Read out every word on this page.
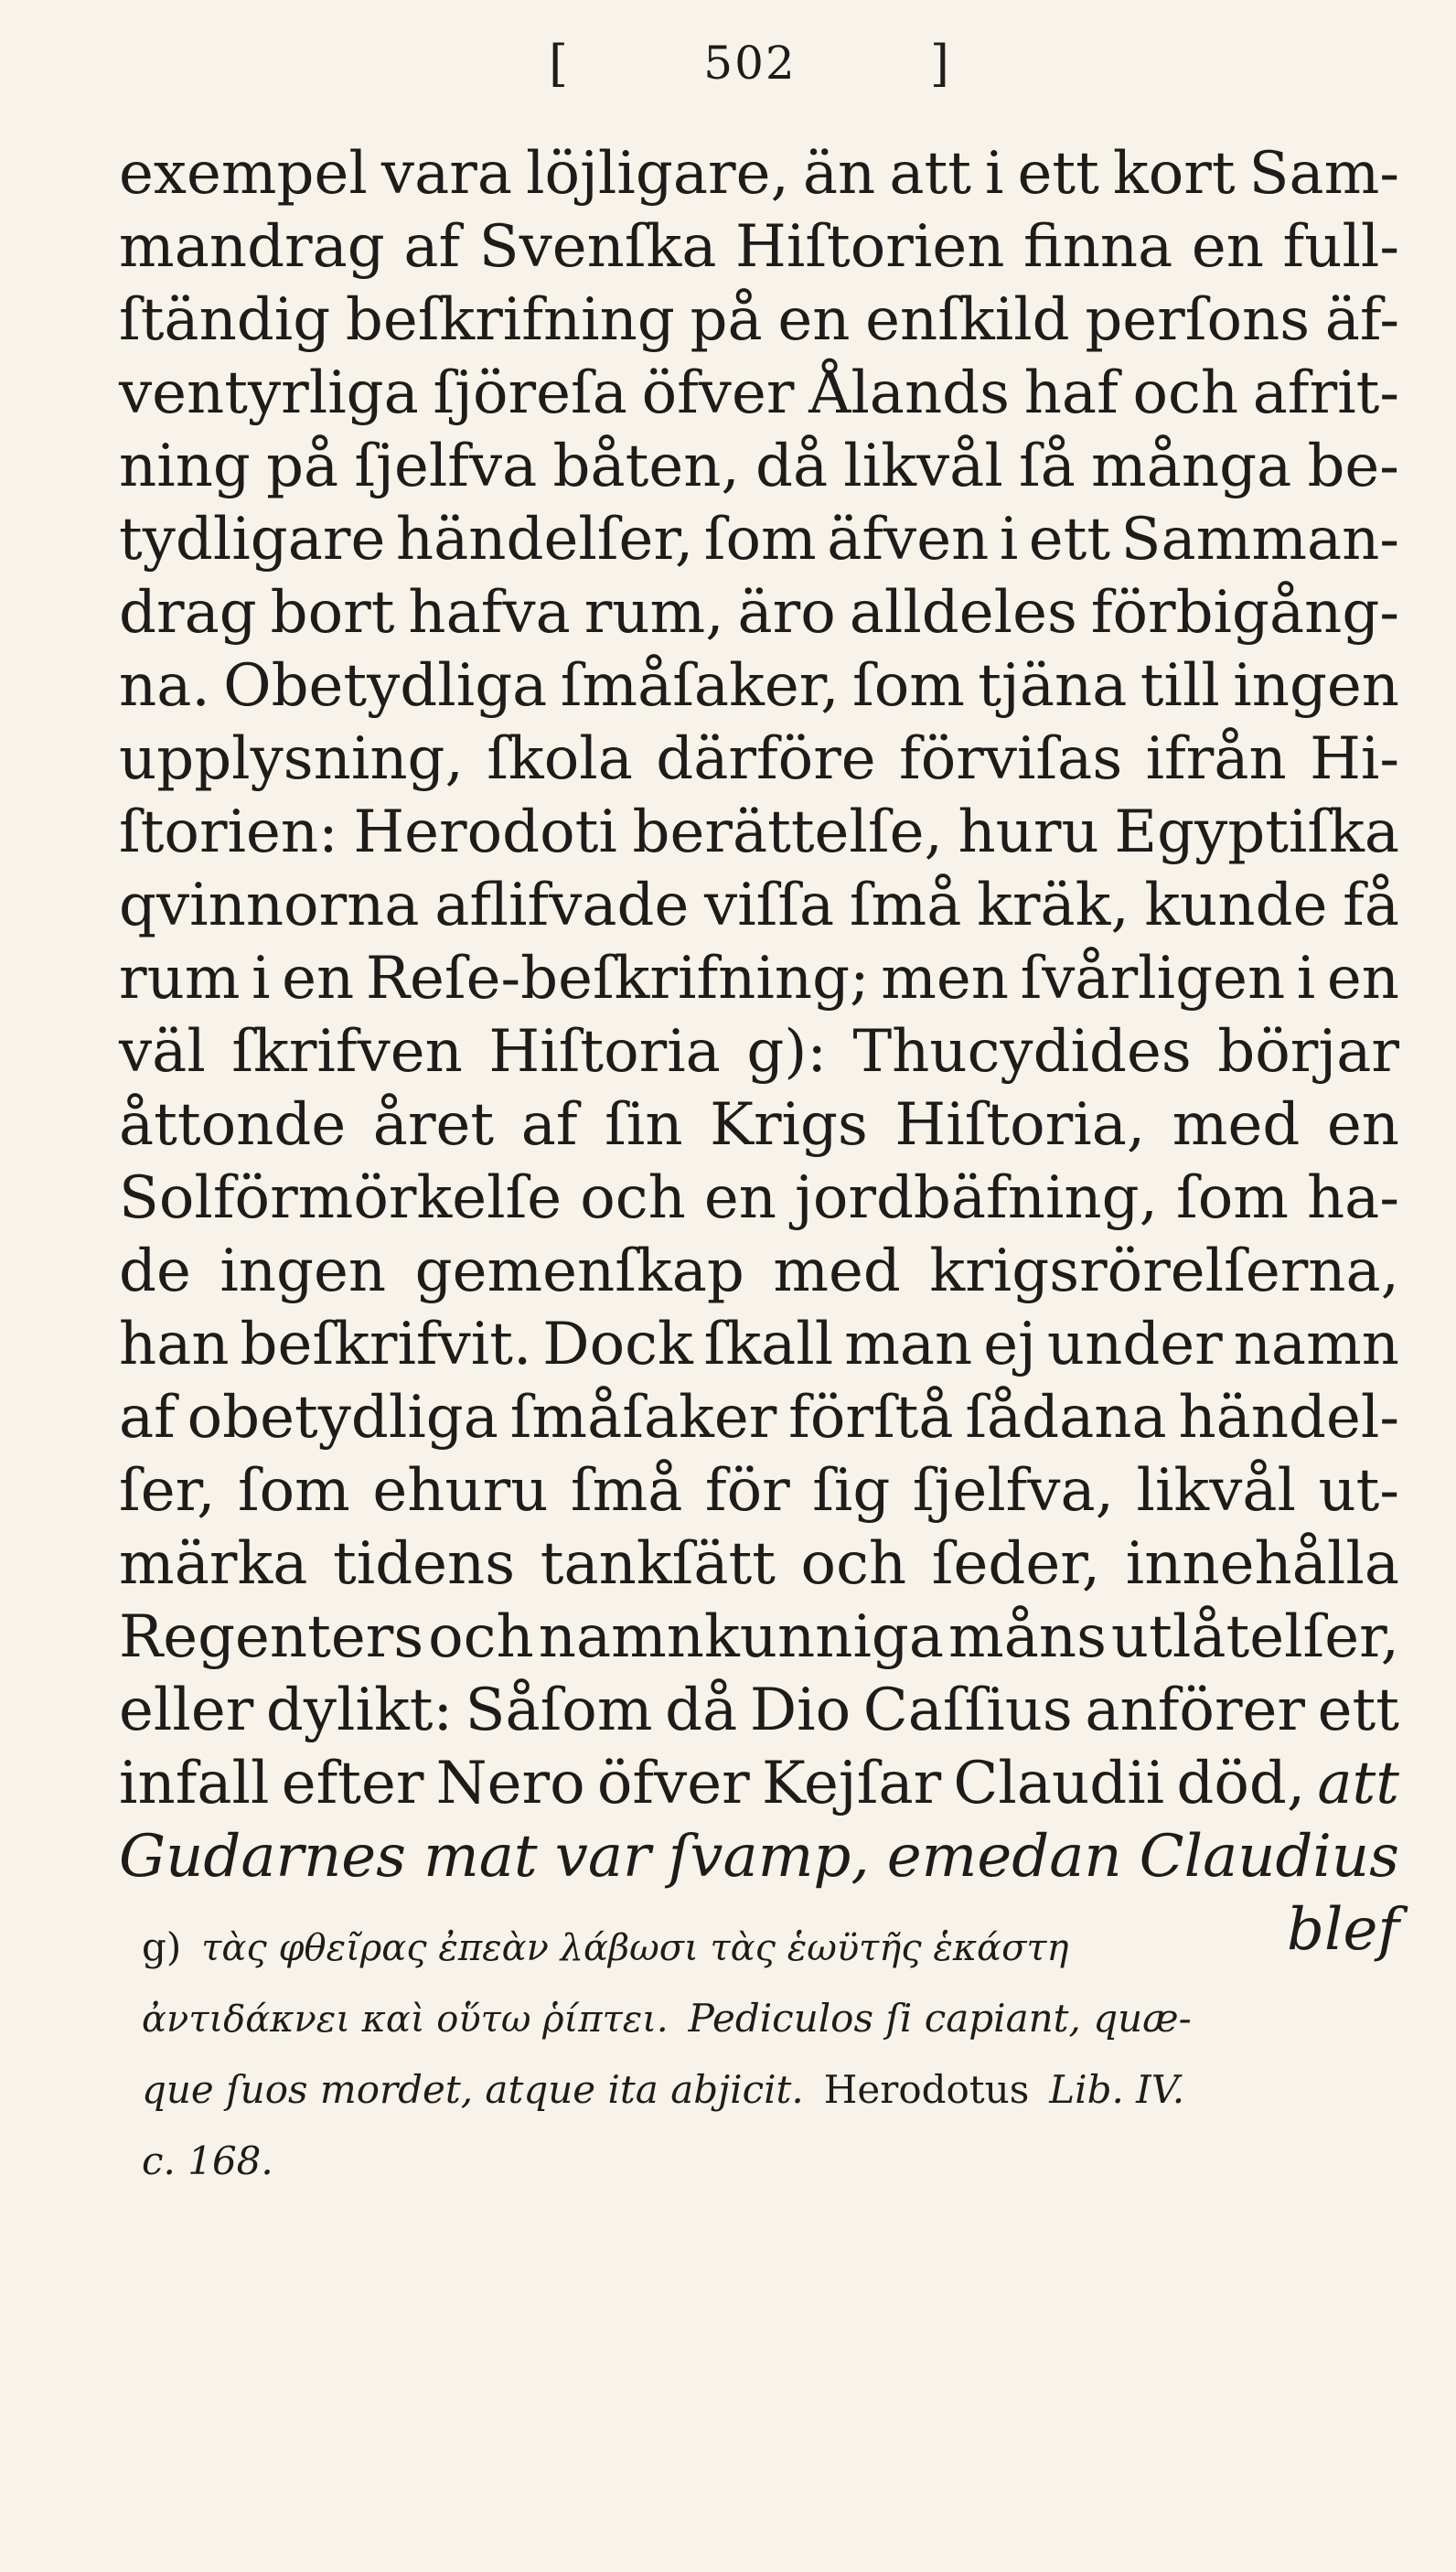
[	502	]
exempel vara löjligare, än att i ett kort Sam-
mandrag af Svenſka Hiſtorien finna en full-
ſtändig beſkrifning på en enſkild perſons äf-
ventyrliga ſjöreſa öfver Ålands haf och afrit-
ning på ſjelfva båten, då likvål ſå många be-
tydligare händelſer, ſom äfven i ett Samman-
drag bort hafva rum, äro alldeles förbigång-
na. Obetydliga ſmåſaker, ſom tjäna till ingen
upplysning, ſkola därföre förviſas ifrån Hi-
ſtorien: Herodoti berättelſe, huru Egyptiſka
qvinnorna aflifvade viſſa ſmå kräk, kunde få
rum i en Reſe-beſkrifning; men ſvårligen i en
väl ſkrifven Hiſtoria g): Thucydides börjar
åttonde året af ſin Krigs Hiſtoria, med en
Solförmörkelſe och en jordbäfning, ſom ha-
de ingen gemenſkap med krigsrörelſerna,
han beſkrifvit. Dock ſkall man ej under namn
af obetydliga ſmåſaker förſtå ſådana händel-
ſer, ſom ehuru ſmå för ſig ſjelfva, likvål ut-
märka tidens tankſätt och ſeder, innehålla
Regenters och namnkunniga måns utlåtelſer,
eller dylikt: Såſom då Dio Caſſius anförer ett
infall efter Nero öfver Kejſar Claudii död, att
Gudarnes mat var ſvamp, emedan Claudius
blef
g) τὰς φθεῖρας ἐπεὰν λάβωσι τὰς ἑωϋτῆς ἑκάστη
ἀντιδάκνει καὶ οὕτω ῥίπτει. Pediculos ſi capiant, quæ-
que ſuos mordet, atque ita abjicit. Herodotus Lib. IV.
c. 168.
